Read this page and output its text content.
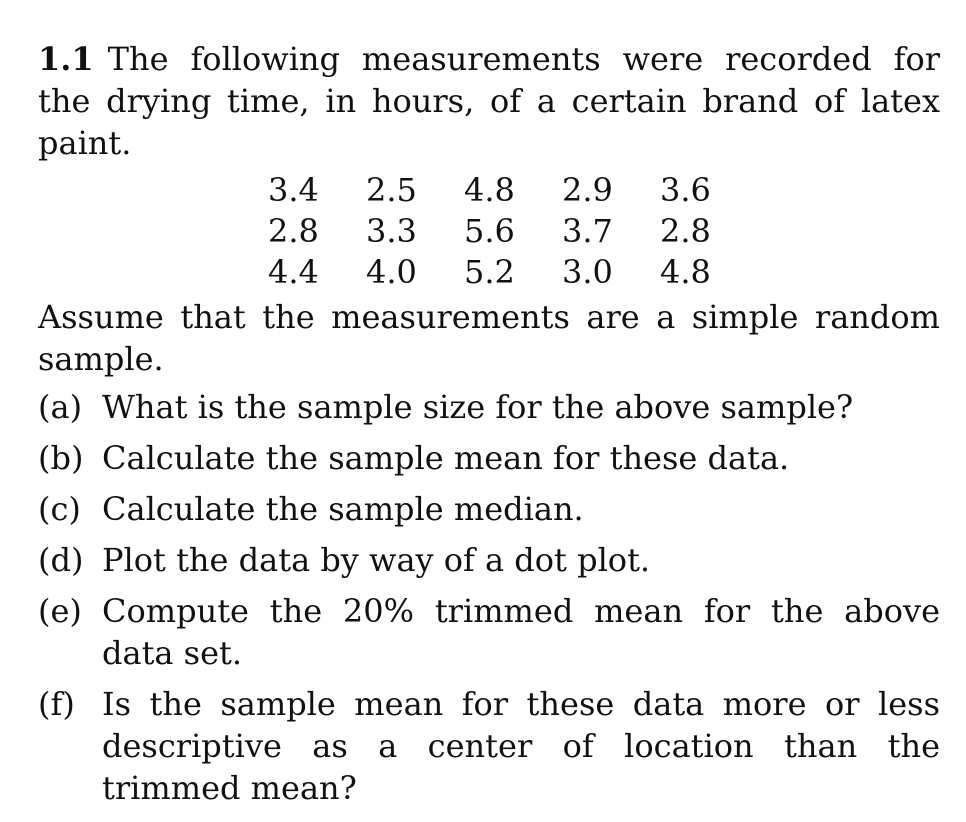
1.1 The following measurements were recorded for the drying time, in hours, of a certain brand of latex paint.

3.4	2.5	4.8	2.9	3.6
2.8	3.3	5.6	3.7	2.8
4.4	4.0	5.2	3.0	4.8

Assume that the measurements are a simple random sample.

(a) What is the sample size for the above sample?
(b) Calculate the sample mean for these data.
(c) Calculate the sample median.
(d) Plot the data by way of a dot plot.
(e) Compute the 20% trimmed mean for the above data set.
(f) Is the sample mean for these data more or less descriptive as a center of location than the trimmed mean?
